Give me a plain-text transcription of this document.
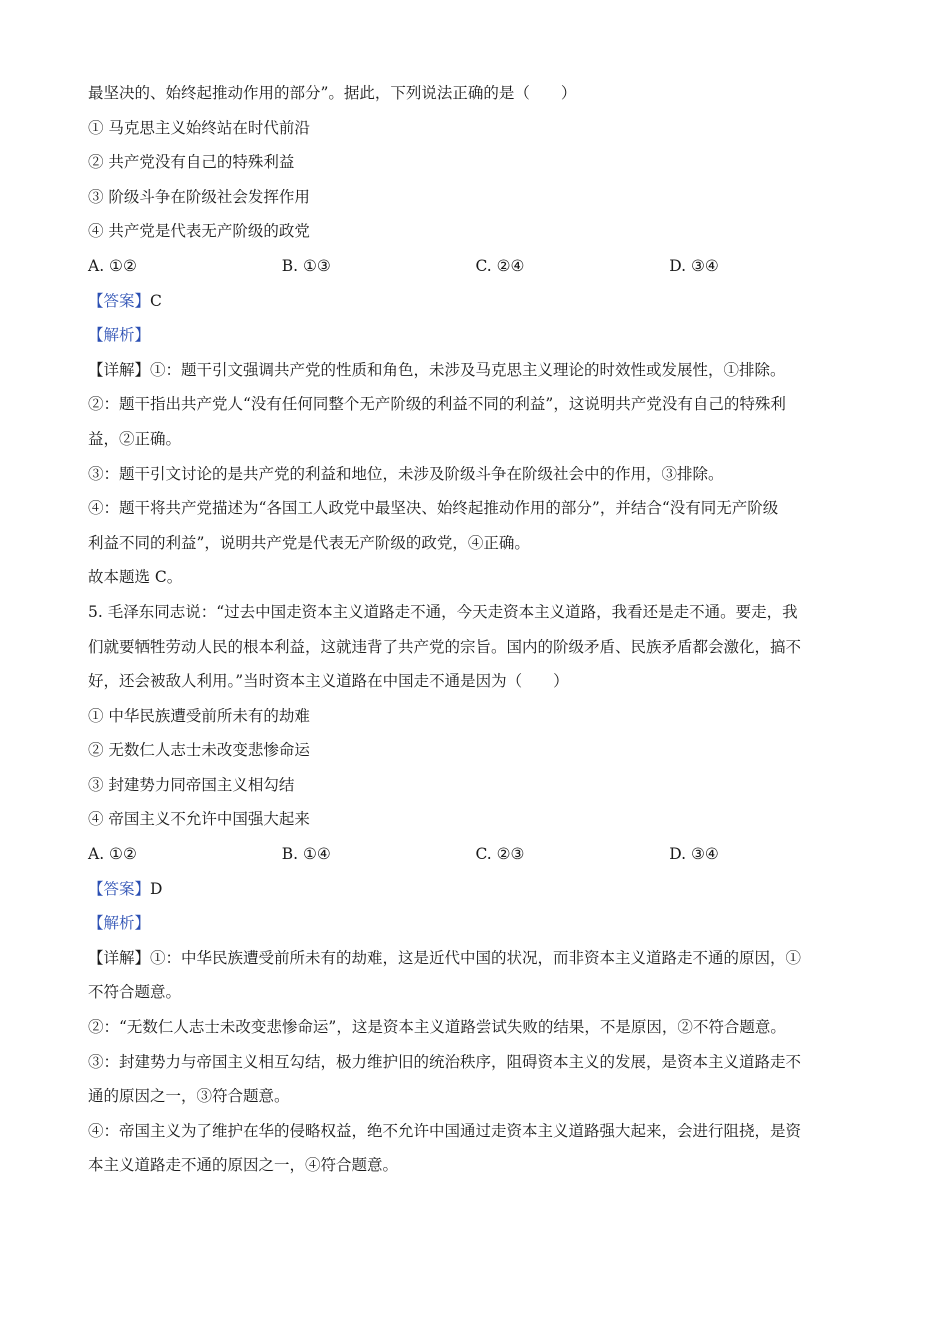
最坚决的、始终起推动作用的部分”。据此，下列说法正确的是（　　）
① 马克思主义始终站在时代前沿
② 共产党没有自己的特殊利益
③ 阶级斗争在阶级社会发挥作用
④ 共产党是代表无产阶级的政党
A. ①②	B. ①③	C. ②④	D. ③④
【答案】C
【解析】
【详解】①：题干引文强调共产党的性质和角色，未涉及马克思主义理论的时效性或发展性，①排除。
②：题干指出共产党人“没有任何同整个无产阶级的利益不同的利益”，这说明共产党没有自己的特殊利
益，②正确。
③：题干引文讨论的是共产党的利益和地位，未涉及阶级斗争在阶级社会中的作用，③排除。
④：题干将共产党描述为“各国工人政党中最坚决、始终起推动作用的部分”，并结合“没有同无产阶级
利益不同的利益”，说明共产党是代表无产阶级的政党，④正确。
故本题选 C。
5. 毛泽东同志说：“过去中国走资本主义道路走不通，今天走资本主义道路，我看还是走不通。要走，我
们就要牺牲劳动人民的根本利益，这就违背了共产党的宗旨。国内的阶级矛盾、民族矛盾都会激化，搞不
好，还会被敌人利用。”当时资本主义道路在中国走不通是因为（　　）
① 中华民族遭受前所未有的劫难
② 无数仁人志士未改变悲惨命运
③ 封建势力同帝国主义相勾结
④ 帝国主义不允许中国强大起来
A. ①②	B. ①④	C. ②③	D. ③④
【答案】D
【解析】
【详解】①：中华民族遭受前所未有的劫难，这是近代中国的状况，而非资本主义道路走不通的原因，①
不符合题意。
②：“无数仁人志士未改变悲惨命运”，这是资本主义道路尝试失败的结果，不是原因，②不符合题意。
③：封建势力与帝国主义相互勾结，极力维护旧的统治秩序，阻碍资本主义的发展，是资本主义道路走不
通的原因之一，③符合题意。
④：帝国主义为了维护在华的侵略权益，绝不允许中国通过走资本主义道路强大起来，会进行阻挠，是资
本主义道路走不通的原因之一，④符合题意。
